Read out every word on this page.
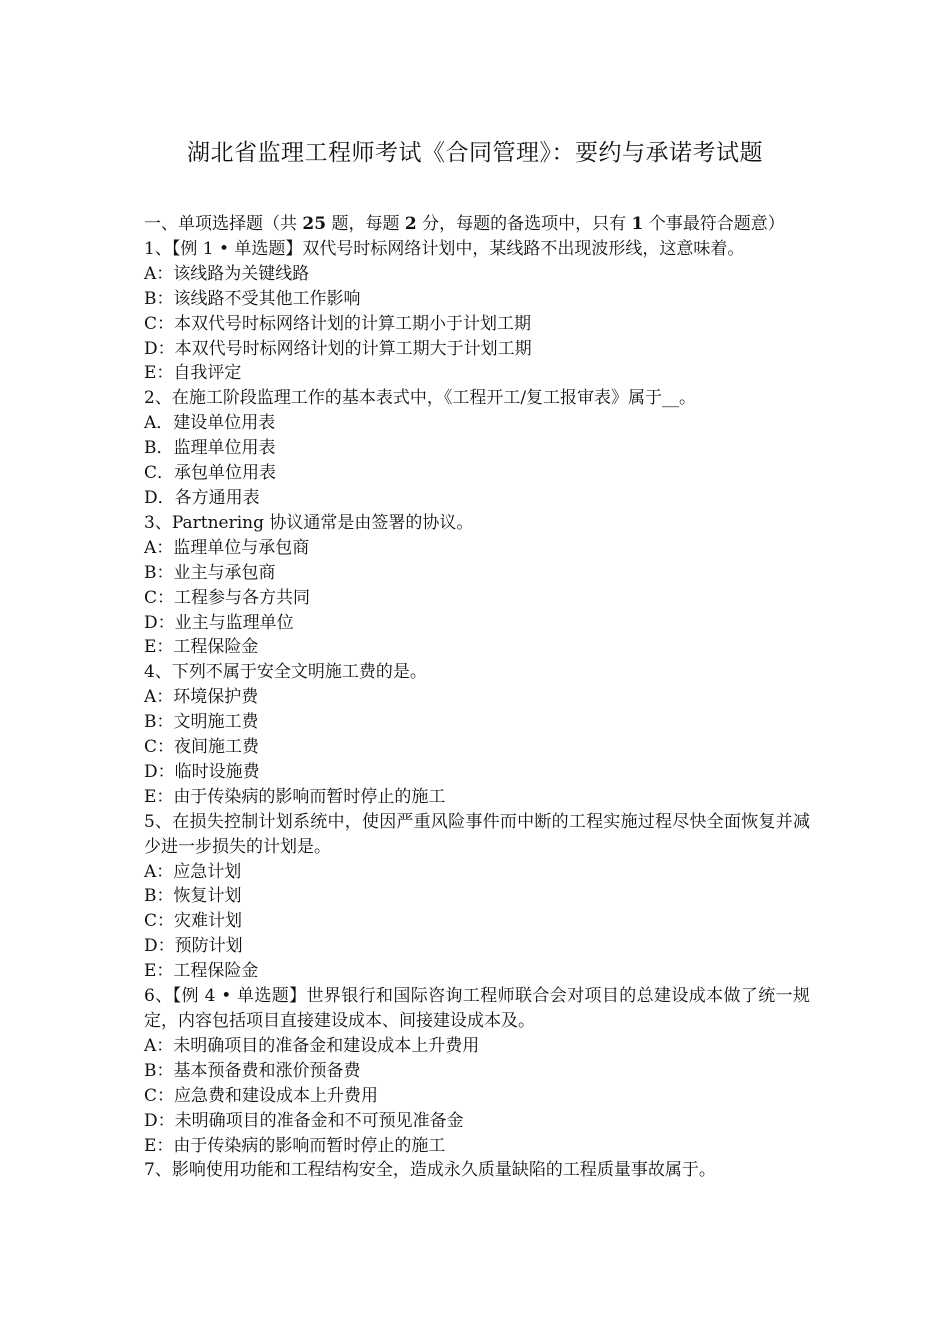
湖北省监理工程师考试《合同管理》：要约与承诺考试题

一、单项选择题（共 25 题，每题 2 分，每题的备选项中，只有 1 个事最符合题意）

1、【例 1 • 单选题】双代号时标网络计划中，某线路不出现波形线，这意味着。

A：该线路为关键线路

B：该线路不受其他工作影响

C：本双代号时标网络计划的计算工期小于计划工期

D：本双代号时标网络计划的计算工期大于计划工期

E：自我评定

2、在施工阶段监理工作的基本表式中，《工程开工/复工报审表》属于__。

A．建设单位用表

B．监理单位用表

C．承包单位用表

D．各方通用表

3、Partnering 协议通常是由签署的协议。

A：监理单位与承包商

B：业主与承包商

C：工程参与各方共同

D：业主与监理单位

E：工程保险金

4、下列不属于安全文明施工费的是。

A：环境保护费

B：文明施工费

C：夜间施工费

D：临时设施费

E：由于传染病的影响而暂时停止的施工

5、在损失控制计划系统中，使因严重风险事件而中断的工程实施过程尽快全面恢复并减少进一步损失的计划是。

A：应急计划

B：恢复计划

C：灾难计划

D：预防计划

E：工程保险金

6、【例 4 • 单选题】世界银行和国际咨询工程师联合会对项目的总建设成本做了统一规定，内容包括项目直接建设成本、间接建设成本及。

A：未明确项目的准备金和建设成本上升费用

B：基本预备费和涨价预备费

C：应急费和建设成本上升费用

D：未明确项目的准备金和不可预见准备金

E：由于传染病的影响而暂时停止的施工

7、影响使用功能和工程结构安全，造成永久质量缺陷的工程质量事故属于。
